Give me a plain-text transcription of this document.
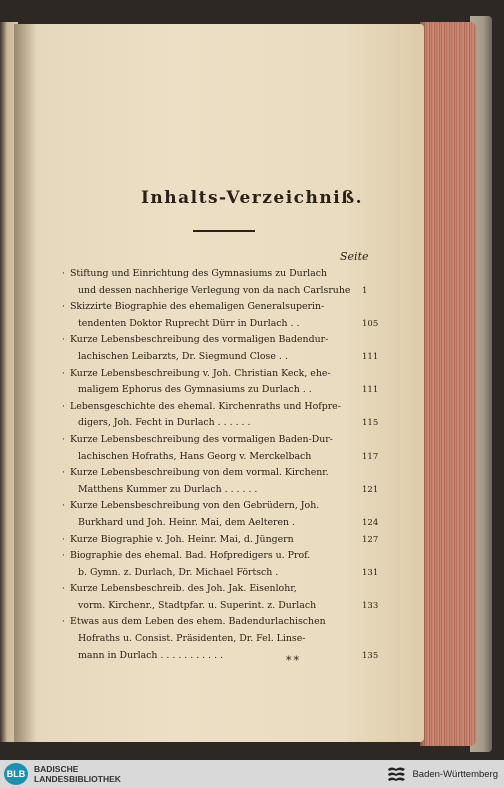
Inhalts-Verzeichniß.
Seite
· Stiftung und Einrichtung des Gymnasiums zu Durlach
und dessen nachherige Verlegung von da nach Carlsruhe 1
· Skizzirte Biographie des ehemaligen Generalsuperin-
tendenten Doktor Ruprecht Dürr in Durlach . .	105
· Kurze Lebensbeschreibung des vormaligen Badendur-
lachischen Leibarzts, Dr. Siegmund Close . .	111
· Kurze Lebensbeschreibung v. Joh. Christian Keck, ehe-
maligem Ephorus des Gymnasiums zu Durlach . .	111
· Lebensgeschichte des ehemal. Kirchenraths und Hofpre-
digers, Joh. Fecht in Durlach . . . . . .	115
· Kurze Lebensbeschreibung des vormaligen Baden-Dur-
lachischen Hofraths, Hans Georg v. Merckelbach	117
· Kurze Lebensbeschreibung von dem vormal. Kirchenr.
Matthens Kummer zu Durlach . . . . . .	121
· Kurze Lebensbeschreibung von den Gebrüdern, Joh.
Burkhard und Joh. Heinr. Mai, dem Aelteren .	124
· Kurze Biographie v. Joh. Heinr. Mai, d. Jüngern	127
· Biographie des ehemal. Bad. Hofpredigers u. Prof.
b. Gymn. z. Durlach, Dr. Michael Förtsch .	131
· Kurze Lebensbeschreib. des Joh. Jak. Eisenlohr,
vorm. Kirchenr., Stadtpfar. u. Superint. z. Durlach	133
· Etwas aus dem Leben des ehem. Badendurlachischen
Hofraths u. Consist. Präsidenten, Dr. Fel. Linse-
mann in Durlach . . . . . . . . . . .	135
**
BLB	BADISCHE
LANDESBIBLIOTHEK	Baden-Württemberg
